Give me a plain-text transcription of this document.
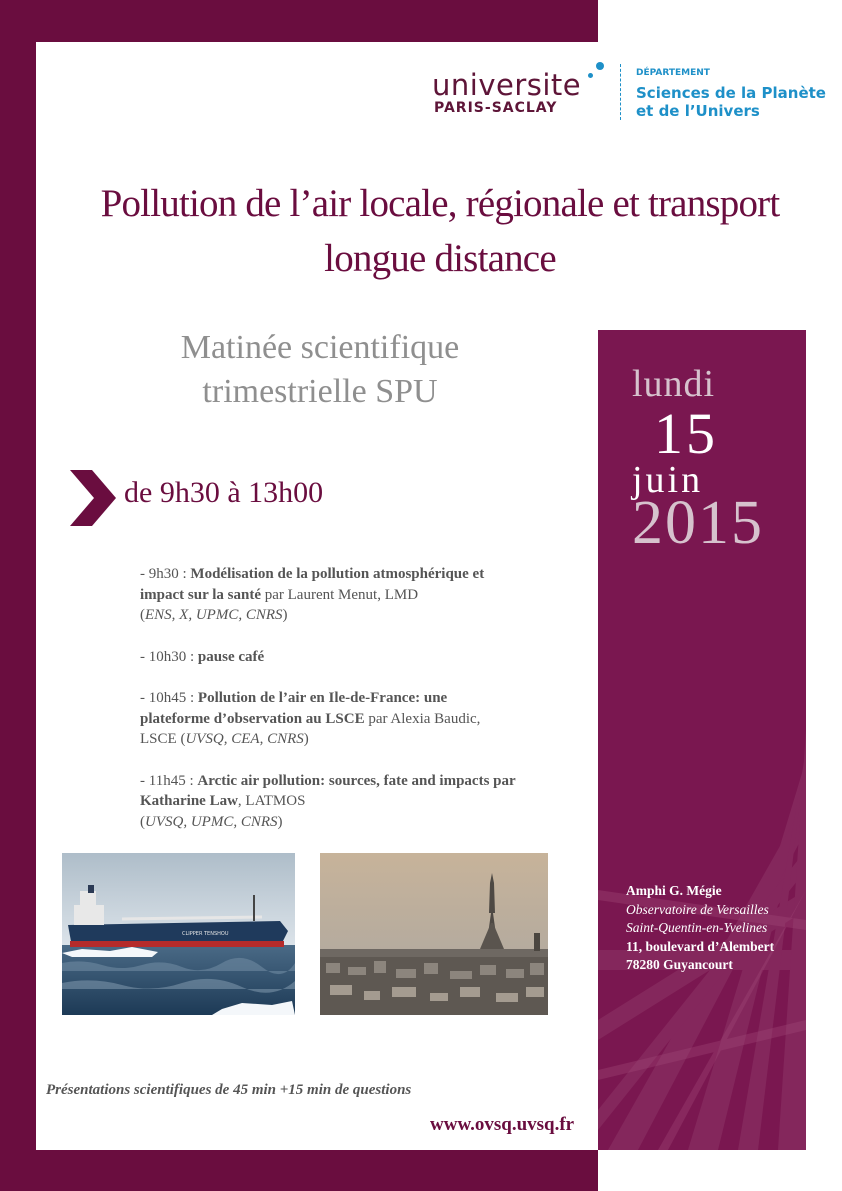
universite
PARIS-SACLAY
DÉPARTEMENT
Sciences de la Planète
et de l’Univers
Pollution de l’air locale, régionale et transport
longue distance
Matinée scientifique
trimestrielle SPU
de 9h30 à 13h00

- 9h30 : Modélisation de la pollution atmosphérique et impact sur la santé par Laurent Menut, LMD
(ENS, X, UPMC, CNRS)

- 10h30 : pause café

- 10h45 : Pollution de l’air en Ile-de-France: une plateforme d’observation au LSCE par Alexia Baudic, LSCE (UVSQ, CEA, CNRS)

- 11h45 : Arctic air pollution: sources, fate and impacts par Katharine Law, LATMOS
(UVSQ, UPMC, CNRS)

CLIPPER TENSHOU
Présentations scientifiques de 45 min +15 min de questions
www.ovsq.uvsq.fr
lundi
15
juin
2015
Amphi G. Mégie
Observatoire de Versailles
Saint-Quentin-en-Yvelines
11, boulevard d’Alembert
78280 Guyancourt
